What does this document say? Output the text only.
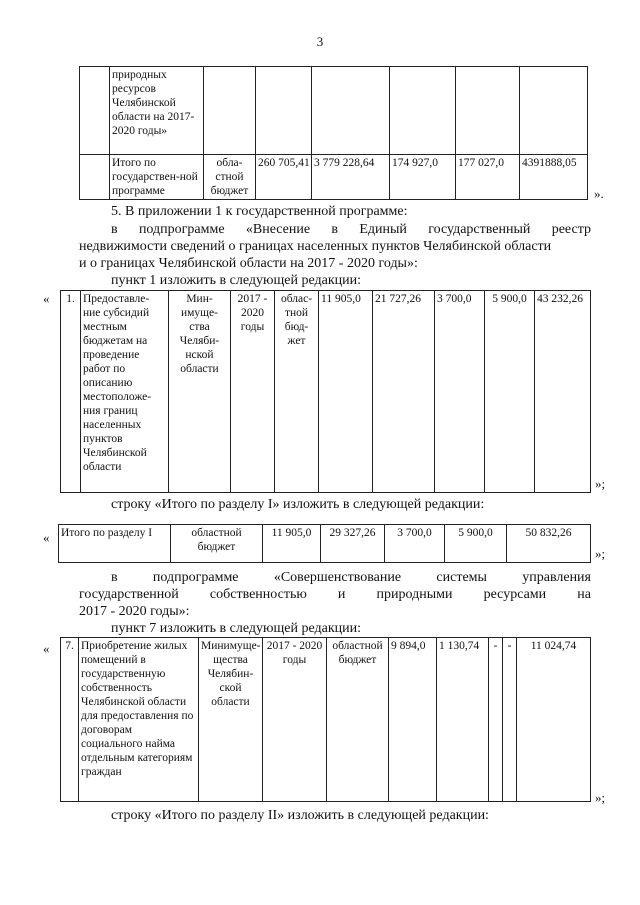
3
	природных ресурсов Челябинской области на 2017-2020 годы»						
	Итого по государствен-ной программе	обла-стной бюджет	260 705,41	3 779 228,64	174 927,0	177 027,0	4391888,05
».
5. В приложении 1 к государственной программе:
в подпрограмме «Внесение в Единый государственный реестр
недвижимости сведений о границах населенных пунктов Челябинской области
и о границах Челябинской области на 2017 - 2020 годы»:
пункт 1 изложить в следующей редакции:
« 1.	Предоставле-ние субсидий местным бюджетам на проведение работ по описанию местоположе-ния границ населенных пунктов Челябинской области	Мин-имуще-ства Челяби-нской области	2017 - 2020 годы	облас-тной бюд-жет	11 905,0	21 727,26	3 700,0	5 900,0	43 232,26
»;
строку «Итого по разделу I» изложить в следующей редакции:
« Итого по разделу I	областной бюджет	11 905,0	29 327,26	3 700,0	5 900,0	50 832,26
»;
в подпрограмме «Совершенствование системы управления
государственной собственностью и природными ресурсами на
2017 - 2020 годы»:
пункт 7 изложить в следующей редакции:
« 7.	Приобретение жилых помещений в государственную собственность Челябинской области для предоставления по договорам социального найма отдельным категориям граждан	Минимуще-щества Челябин-ской области	2017 - 2020 годы	областной бюджет	9 894,0	1 130,74	-	-	11 024,74
»;
строку «Итого по разделу II» изложить в следующей редакции:
